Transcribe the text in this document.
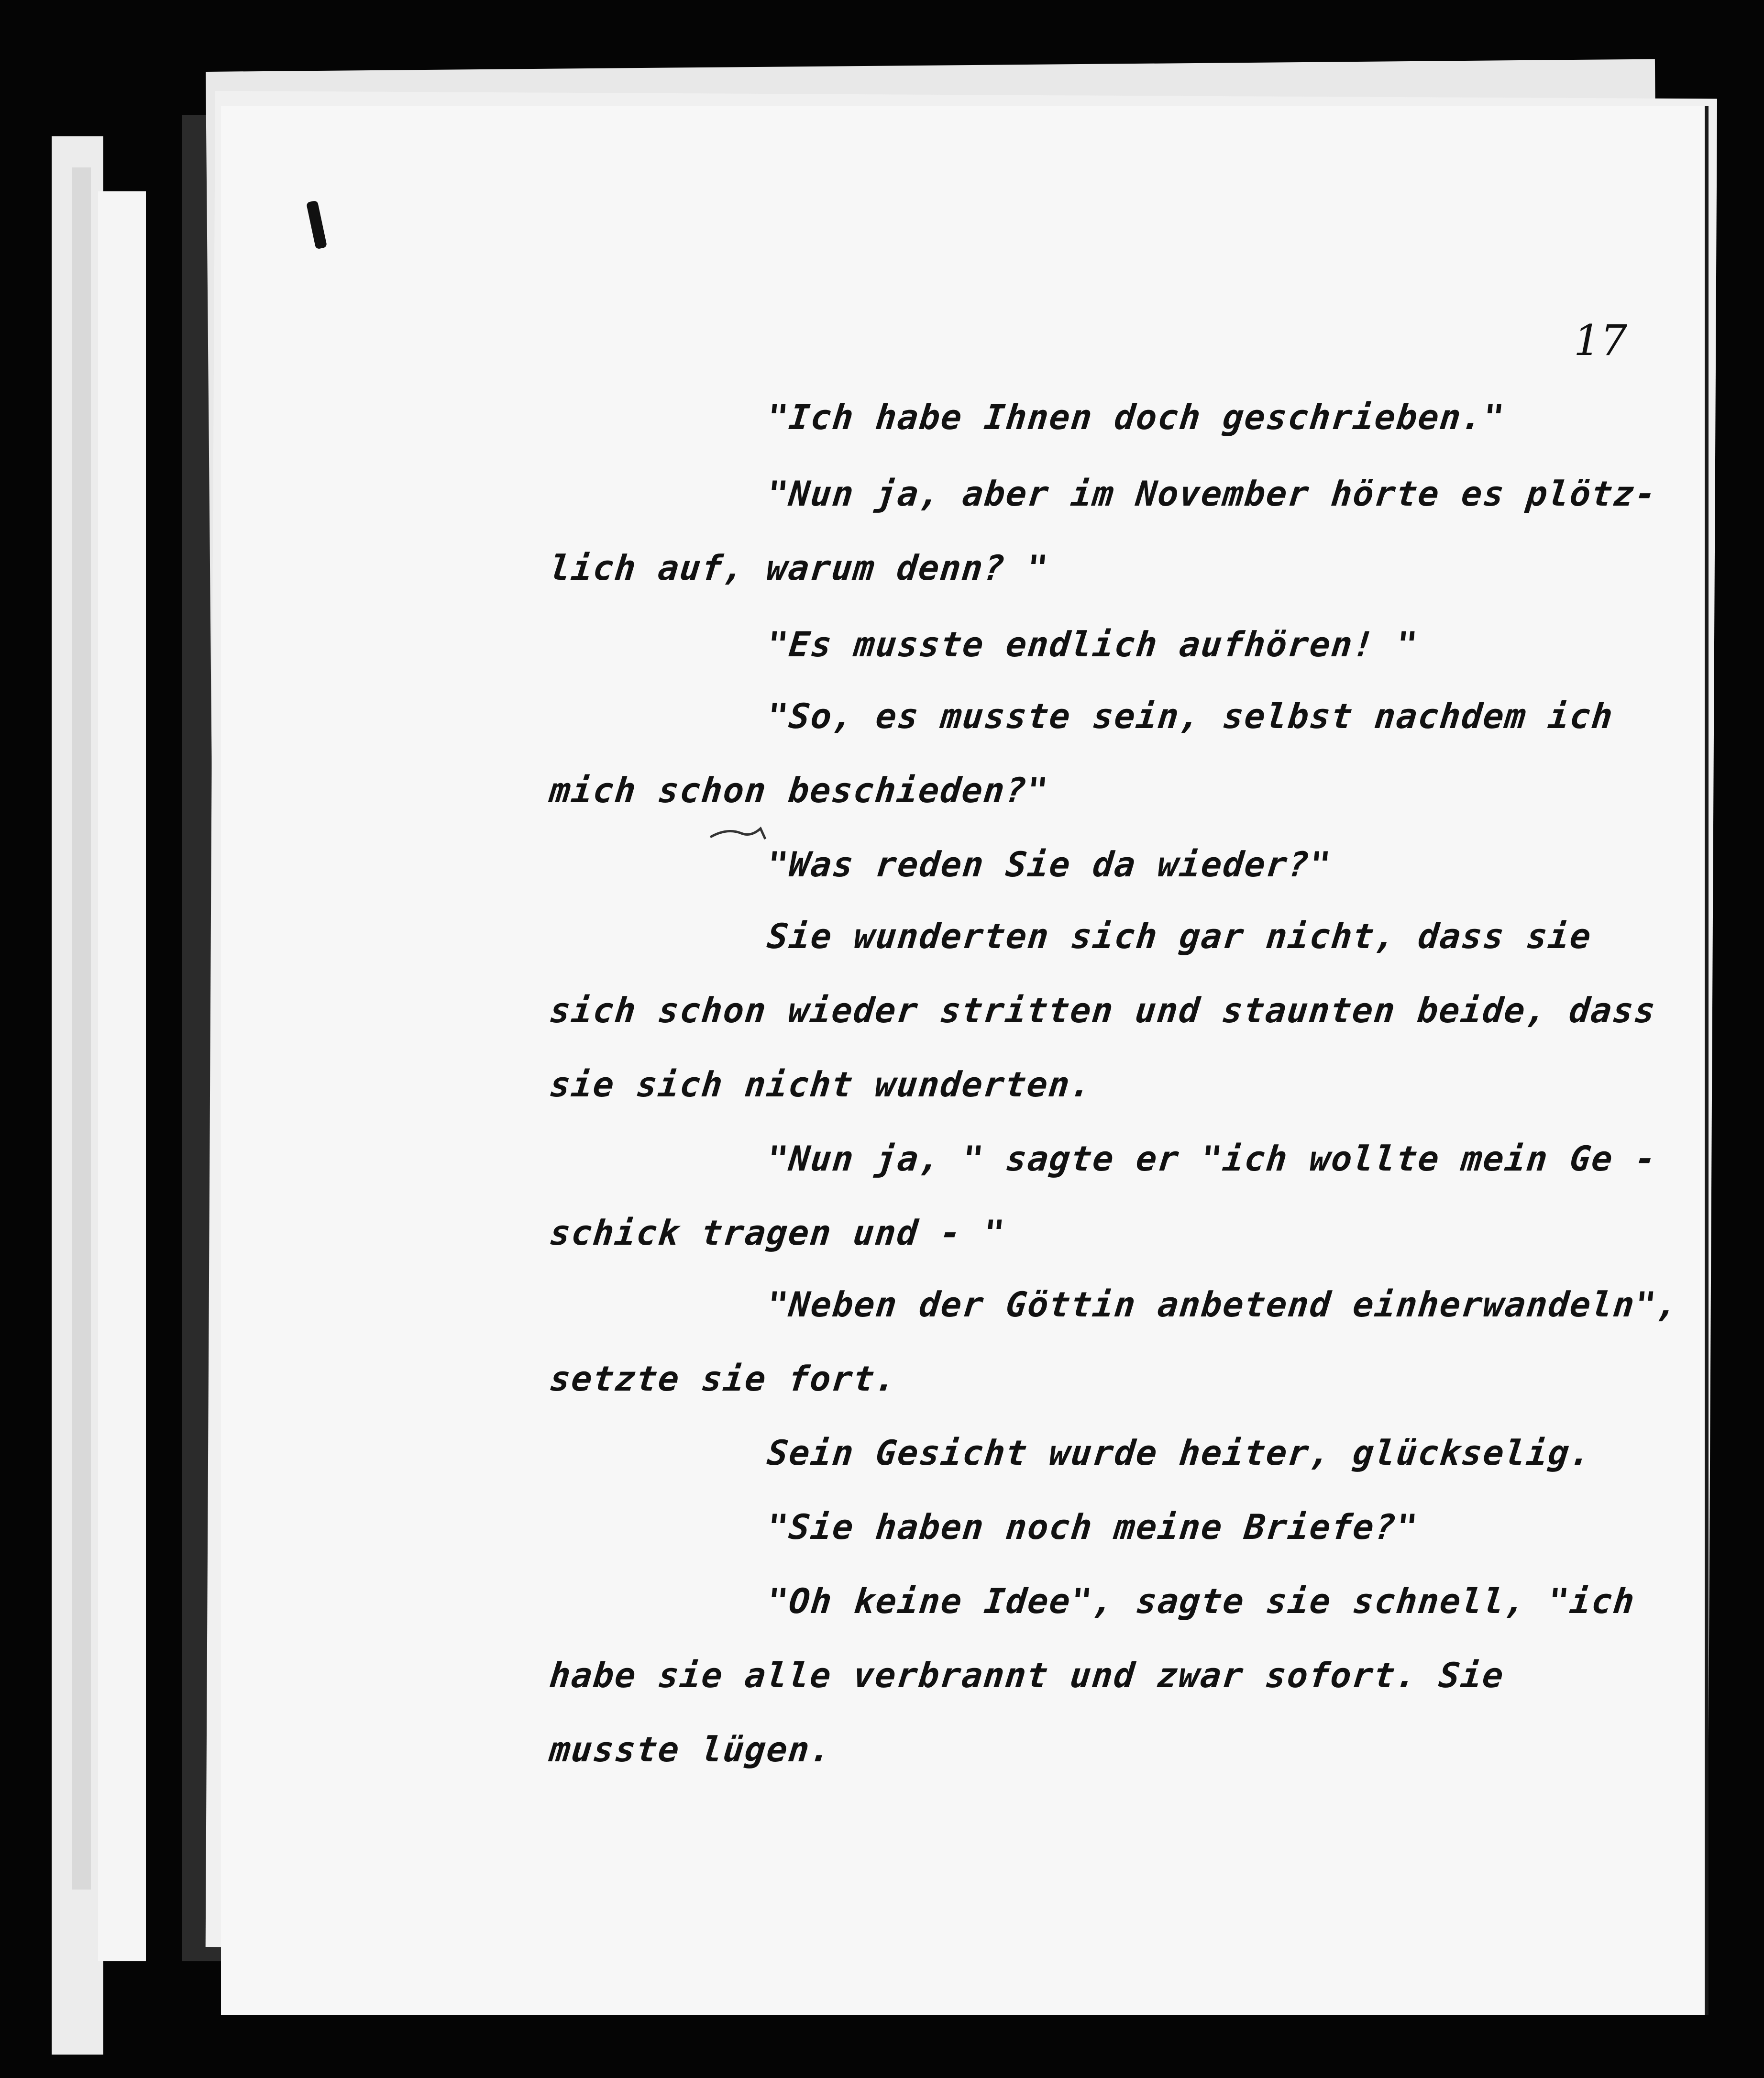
17
"Ich habe Ihnen doch geschrieben."
"Nun ja, aber im November hörte es plötz-
lich auf, warum denn? "
"Es musste endlich aufhören! "
"So, es musste sein, selbst nachdem ich
mich schon beschieden?"
"Was reden Sie da wieder?"
Sie wunderten sich gar nicht, dass sie
sich schon wieder stritten und staunten beide, dass
sie sich nicht wunderten.
"Nun ja, " sagte er "ich wollte mein Ge -
schick tragen und - "
"Neben der Göttin anbetend einherwandeln",
setzte sie fort.
Sein Gesicht wurde heiter, glückselig.
"Sie haben noch meine Briefe?"
"Oh keine Idee", sagte sie schnell, "ich
habe sie alle verbrannt und zwar sofort. Sie
musste lügen.
